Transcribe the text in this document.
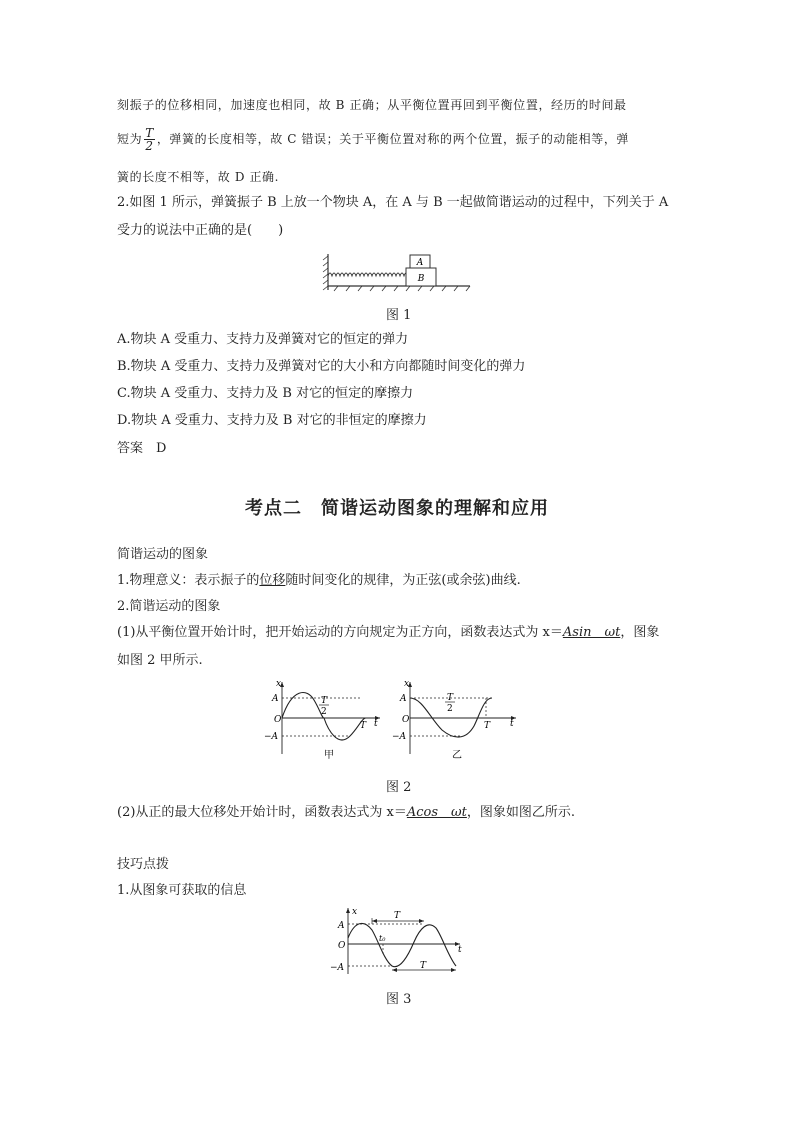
刻振子的位移相同，加速度也相同，故 B 正确；从平衡位置再回到平衡位置，经历的时间最
短为 $\frac{T}{2}$ ，弹簧的长度相等，故 C 错误；关于平衡位置对称的两个位置，振子的动能相等，弹
簧的长度不相等，故 D 正确.
2.如图 1 所示，弹簧振子 B 上放一个物块 A，在 A 与 B 一起做简谐运动的过程中，下列关于 A
受力的说法中正确的是(　　)
B
A
图 1
A.物块 A 受重力、支持力及弹簧对它的恒定的弹力
B.物块 A 受重力、支持力及弹簧对它的大小和方向都随时间变化的弹力
C.物块 A 受重力、支持力及 B 对它的恒定的摩擦力
D.物块 A 受重力、支持力及 B 对它的非恒定的摩擦力
答案　D
考点二　简谐运动图象的理解和应用
简谐运动的图象
1.物理意义：表示振子的位移随时间变化的规律，为正弦(或余弦)曲线.
2.简谐运动的图象
(1)从平衡位置开始计时，把开始运动的方向规定为正方向，函数表达式为 x＝Asin　ωt，图象
如图 2 甲所示.
x
A
O
−A
T t
T
2
甲
x
A
O
−A
T t
T
2
乙
图 2
(2)从正的最大位移处开始计时，函数表达式为 x＝Acos　ωt，图象如图乙所示.
技巧点拨
1.从图象可获取的信息
x
A
O
−A
T
T
t₀
t
图 3
